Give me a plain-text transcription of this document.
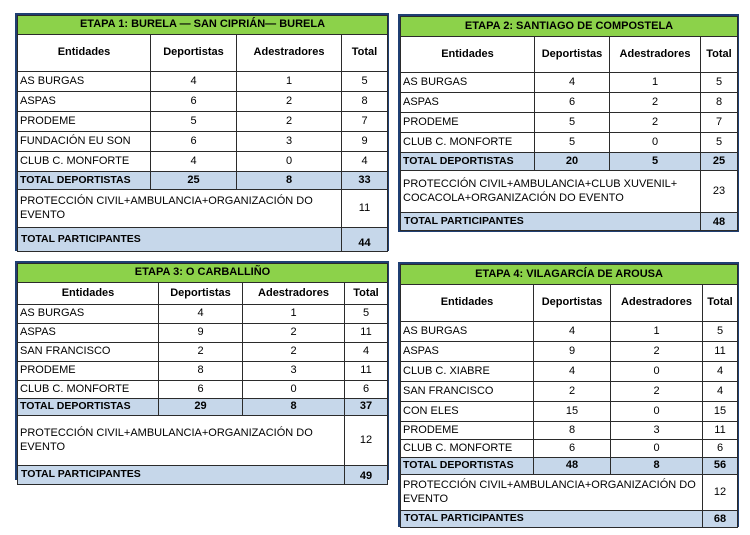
ETAPA 1: BURELA — SAN CIPRIÁN— BURELA			
Entidades	Deportistas	Adestradores	Total
AS BURGAS	4	1	5
ASPAS	6	2	8
PRODEME	5	2	7
FUNDACIÓN EU SON	6	3	9
CLUB C. MONFORTE	4	0	4
TOTAL DEPORTISTAS	25	8	33
PROTECCIÓN CIVIL+AMBULANCIA+ORGANIZACIÓN DO EVENTO			11
TOTAL PARTICIPANTES			44
ETAPA 2: SANTIAGO DE COMPOSTELA			
Entidades	Deportistas	Adestradores	Total
AS BURGAS	4	1	5
ASPAS	6	2	8
PRODEME	5	2	7
CLUB C. MONFORTE	5	0	5
TOTAL DEPORTISTAS	20	5	25
PROTECCIÓN CIVIL+AMBULANCIA+CLUB XUVENIL+ COCACOLA+ORGANIZACIÓN DO EVENTO			23
TOTAL PARTICIPANTES			48
ETAPA 3: O CARBALLIÑO			
Entidades	Deportistas	Adestradores	Total
AS BURGAS	4	1	5
ASPAS	9	2	11
SAN FRANCISCO	2	2	4
PRODEME	8	3	11
CLUB C. MONFORTE	6	0	6
TOTAL DEPORTISTAS	29	8	37
PROTECCIÓN CIVIL+AMBULANCIA+ORGANIZACIÓN DO EVENTO			12
TOTAL PARTICIPANTES			49
ETAPA 4: VILAGARCÍA DE AROUSA			
Entidades	Deportistas	Adestradores	Total
AS BURGAS	4	1	5
ASPAS	9	2	11
CLUB C. XIABRE	4	0	4
SAN FRANCISCO	2	2	4
CON ELES	15	0	15
PRODEME	8	3	11
CLUB C. MONFORTE	6	0	6
TOTAL DEPORTISTAS	48	8	56
PROTECCIÓN CIVIL+AMBULANCIA+ORGANIZACIÓN DO EVENTO			12
TOTAL PARTICIPANTES			68
